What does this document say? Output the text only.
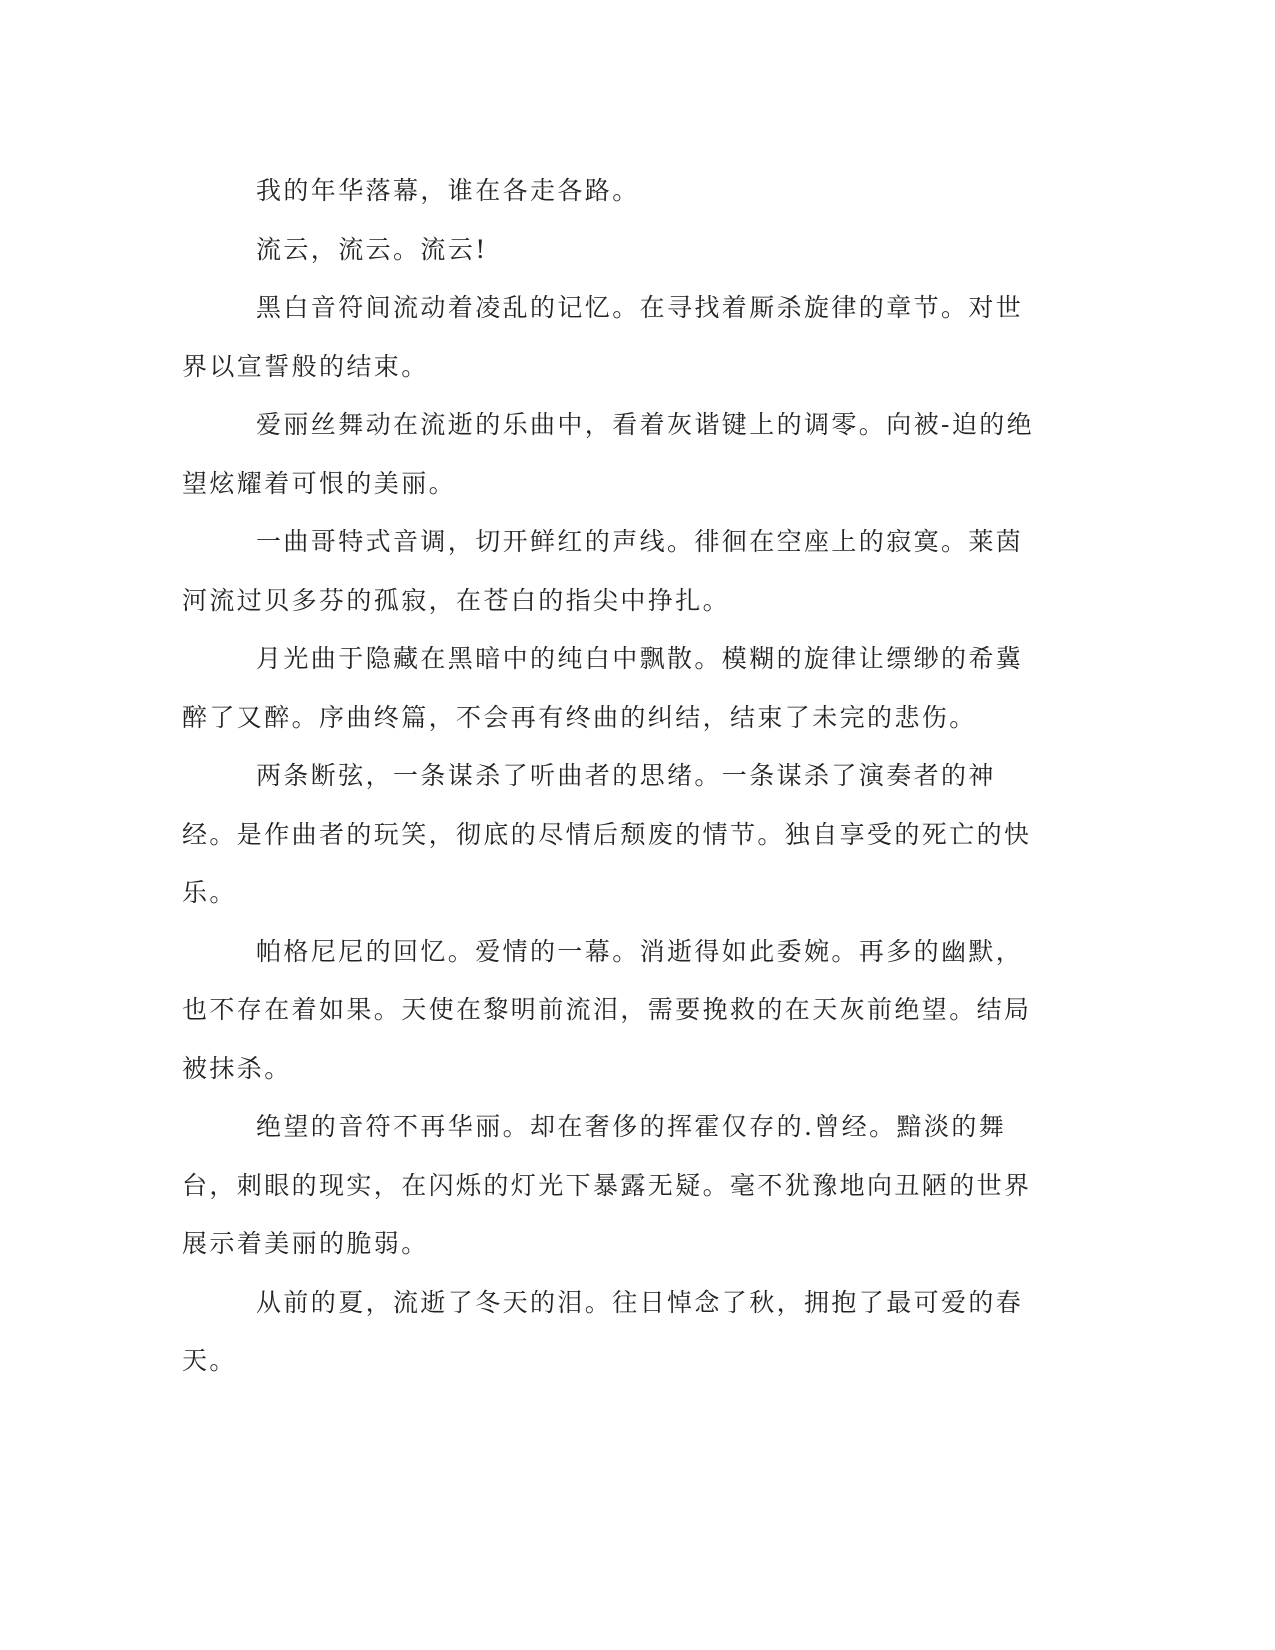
我的年华落幕，谁在各走各路。

流云，流云。流云!

黑白音符间流动着凌乱的记忆。在寻找着厮杀旋律的章节。对世界以宣誓般的结束。

爱丽丝舞动在流逝的乐曲中，看着灰谐键上的调零。向被-迫的绝望炫耀着可恨的美丽。

一曲哥特式音调，切开鲜红的声线。徘徊在空座上的寂寞。莱茵河流过贝多芬的孤寂，在苍白的指尖中挣扎。

月光曲于隐藏在黑暗中的纯白中飘散。模糊的旋律让缥缈的希冀醉了又醉。序曲终篇，不会再有终曲的纠结，结束了未完的悲伤。

两条断弦，一条谋杀了听曲者的思绪。一条谋杀了演奏者的神经。是作曲者的玩笑，彻底的尽情后颓废的情节。独自享受的死亡的快乐。

帕格尼尼的回忆。爱情的一幕。消逝得如此委婉。再多的幽默，也不存在着如果。天使在黎明前流泪，需要挽救的在天灰前绝望。结局被抹杀。

绝望的音符不再华丽。却在奢侈的挥霍仅存的.曾经。黯淡的舞台，刺眼的现实，在闪烁的灯光下暴露无疑。毫不犹豫地向丑陋的世界展示着美丽的脆弱。

从前的夏，流逝了冬天的泪。往日悼念了秋，拥抱了最可爱的春天。
